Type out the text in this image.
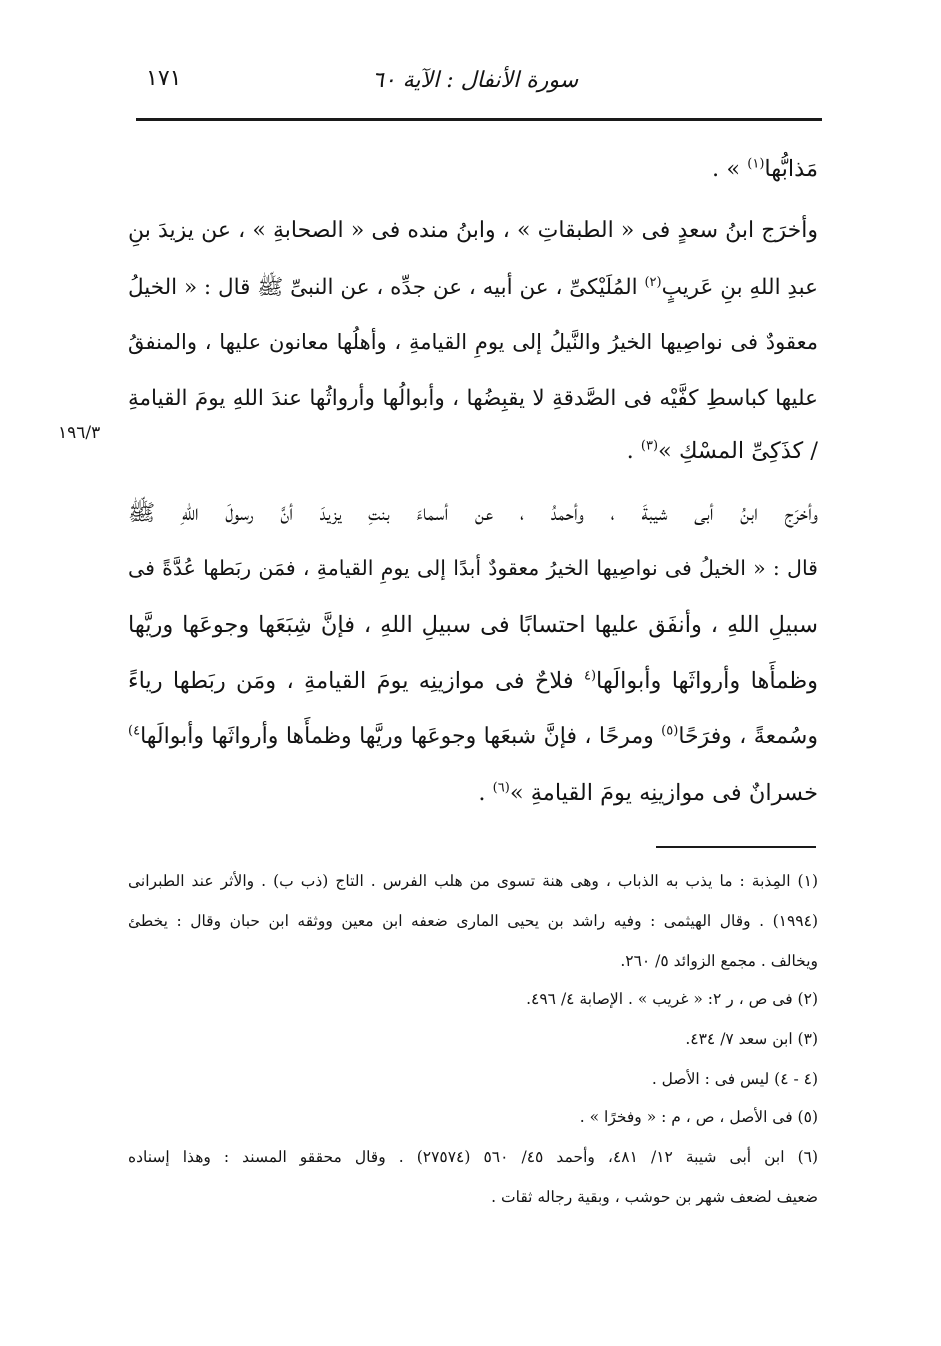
١٧١	سورة الأنفال : الآية ٦٠
١٩٦/٣
مَذابُّها$^{(١)}$ » .
وأخرَج ابنُ سعدٍ فى « الطبقاتِ » ، وابنُ منده فى « الصحابةِ » ، عن يزيدَ بنِ
عبدِ اللهِ بنِ عَريبٍ$^{(٢)}$ المُلَيْكىِّ ، عن أبيه ، عن جدِّه ، عن النبىِّ ﷺ قال : « الخيلُ
معقودٌ فى نواصِيها الخيرُ والنَّيلُ إلى يومِ القيامةِ ، وأهلُها معانون عليها ، والمنفقُ
عليها كباسطِ كفَّيْه فى الصَّدقةِ لا يقبِضُها ، وأبوالُها وأرواثُها عندَ اللهِ يومَ القيامةِ
/ كذَكِىِّ المسْكِ »$^{(٣)}$ .
وأخرَج ابنُ أبى شيبةَ ، وأحمدُ ، عن أسماءَ بنتِ يزيدَ أنَّ رسولَ اللهِ ﷺ
قال : « الخيلُ فى نواصِيها الخيرُ معقودٌ أبدًا إلى يومِ القيامةِ ، فمَن ربَطها عُدَّةً فى
سبيلِ اللهِ ، وأنفَق عليها احتسابًا فى سبيلِ اللهِ ، فإنَّ شِبَعَها وجوعَها وريَّها
وظمأَها وأرواثَها وأبوالَها$^{(٤}$ فلاحٌ فى موازينِه يومَ القيامةِ ، ومَن ربَطها رياءً
وسُمعةً ، وفرَحًا$^{(٥)}$ ومرحًا ، فإنَّ شبعَها وجوعَها وريَّها وظمأَها وأرواثَها وأبوالَها$^{٤)}$
خسرانٌ فى موازينِه يومَ القيامةِ »$^{(٦)}$ .
(١) المِذبة : ما يذب به الذباب ، وهى هنة تسوى من هلب الفرس . التاج (ذب ب) . والأثر عند الطبرانى
(١٩٩٤) . وقال الهيثمى : وفيه راشد بن يحيى المارى ضعفه ابن معين ووثقه ابن حبان وقال : يخطئ
ويخالف . مجمع الزوائد ٥/ ٢٦٠.
(٢) فى ص ، ر ٢: « غريب » . الإصابة ٤/ ٤٩٦.
(٣) ابن سعد ٧/ ٤٣٤.
(٤ - ٤) ليس فى : الأصل .
(٥) فى الأصل ، ص ، م : « وفخرًا » .
(٦) ابن أبى شيبة ١٢/ ٤٨١، وأحمد ٤٥/ ٥٦٠ (٢٧٥٧٤) . وقال محققو المسند : وهذا إسناده
ضعيف لضعف شهر بن حوشب ، وبقية رجاله ثقات .
